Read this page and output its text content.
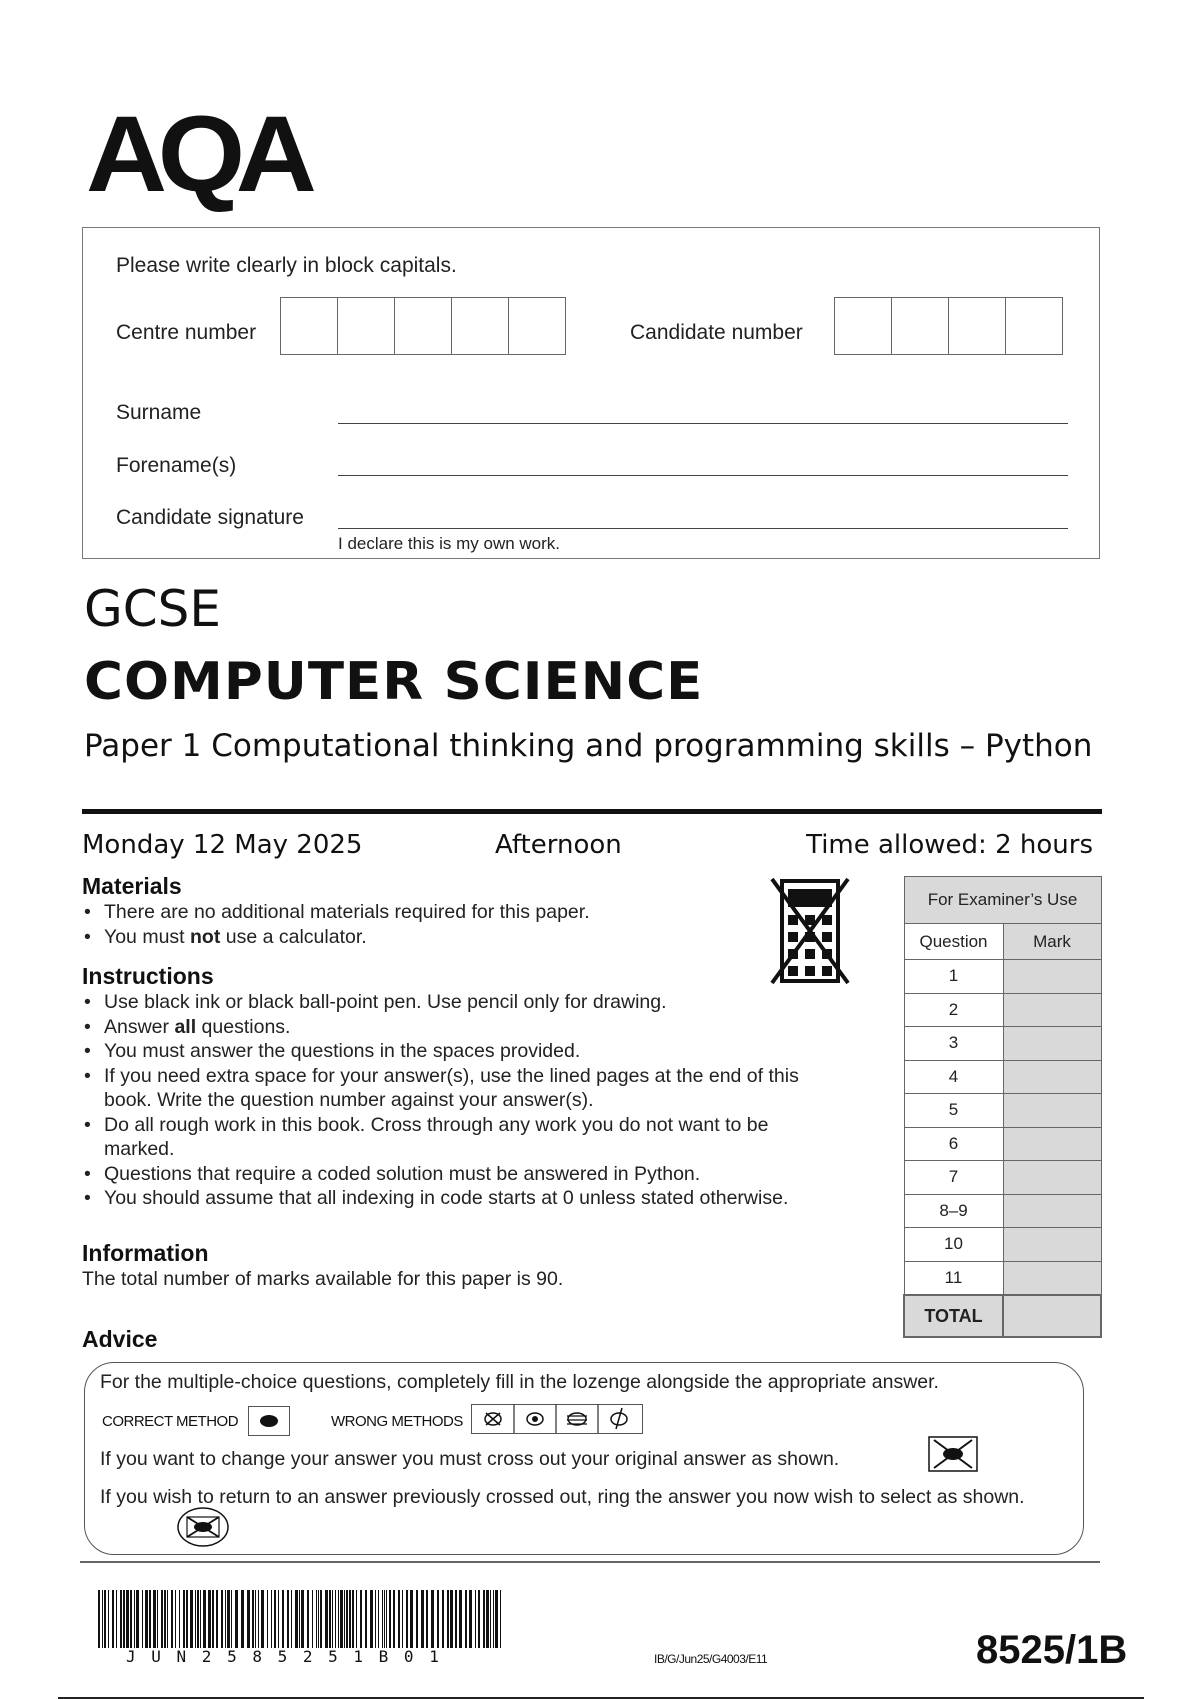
AQA
Please write clearly in block capitals.
Centre number	Candidate number
Surname
Forename(s)
Candidate signature
I declare this is my own work.
GCSE
COMPUTER SCIENCE
Paper 1 Computational thinking and programming skills – Python
Monday 12 May 2025	Afternoon	Time allowed: 2 hours
Materials
• There are no additional materials required for this paper.
• You must not use a calculator.
Instructions
• Use black ink or black ball-point pen. Use pencil only for drawing.
• Answer all questions.
• You must answer the questions in the spaces provided.
• If you need extra space for your answer(s), use the lined pages at the end of this book. Write the question number against your answer(s).
• Do all rough work in this book. Cross through any work you do not want to be marked.
• Questions that require a coded solution must be answered in Python.
• You should assume that all indexing in code starts at 0 unless stated otherwise.
Information
The total number of marks available for this paper is 90.
For Examiner’s Use	
Question	Mark
1	
2	
3	
4	
5	
6	
7	
8–9	
10	
11	
TOTAL	
Advice
For the multiple-choice questions, completely fill in the lozenge alongside the appropriate answer.
CORRECT METHOD	WRONG METHODS
If you want to change your answer you must cross out your original answer as shown.
If you wish to return to an answer previously crossed out, ring the answer you now wish to select as shown.
J U N 2 5 8 5 2 5 1 B 0 1	IB/G/Jun25/G4003/E11	8525/1B
